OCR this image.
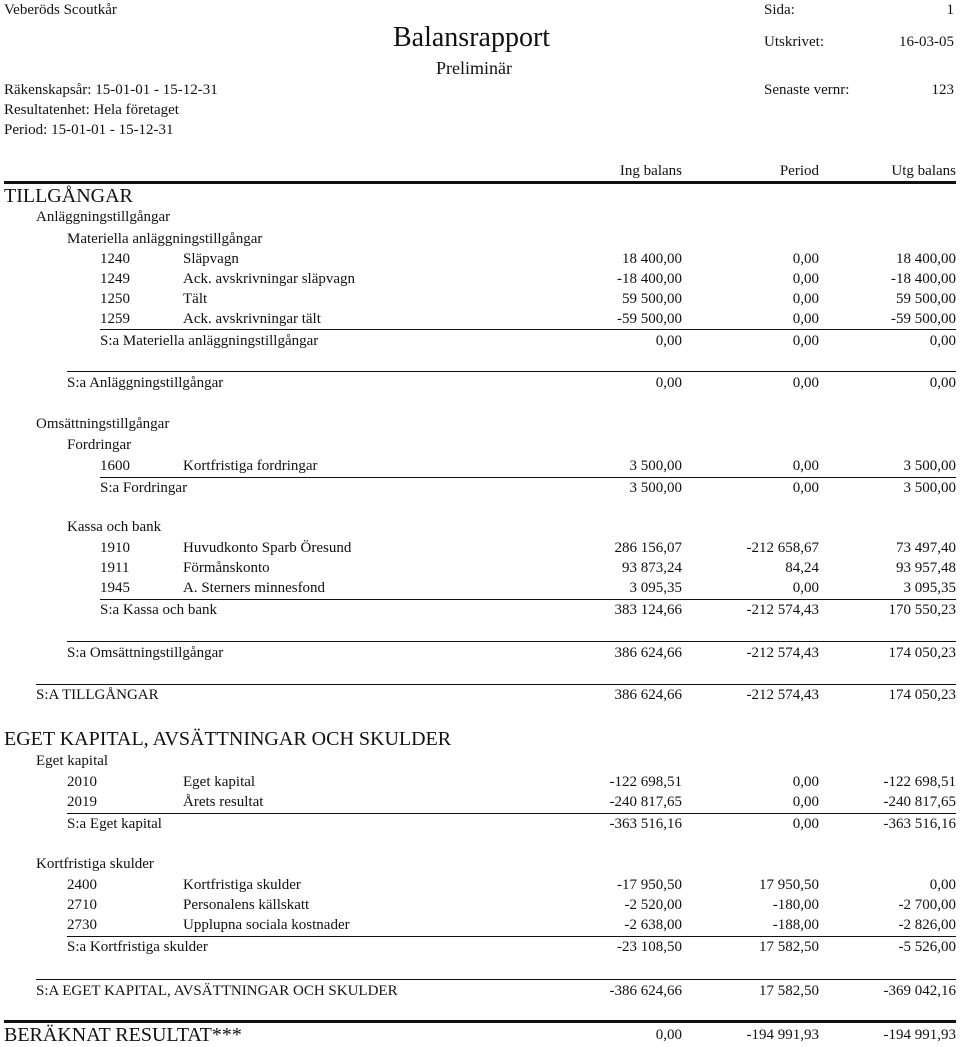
Veberöds Scoutkår	Sida:	1
Balansrapport
Preliminär
Utskrivet:	16-03-05
Räkenskapsår: 15-01-01 - 15-12-31	Senaste vernr:	123
Resultatenhet: Hela företaget
Period: 15-01-01 - 15-12-31
Ing balans	Period	Utg balans
TILLGÅNGAR
Anläggningstillgångar
Materiella anläggningstillgångar
1240	Släpvagn	18 400,00	0,00	18 400,00
1249	Ack. avskrivningar släpvagn	-18 400,00	0,00	-18 400,00
1250	Tält	59 500,00	0,00	59 500,00
1259	Ack. avskrivningar tält	-59 500,00	0,00	-59 500,00
S:a Materiella anläggningstillgångar	0,00	0,00	0,00
S:a Anläggningstillgångar	0,00	0,00	0,00
Omsättningstillgångar
Fordringar
1600	Kortfristiga fordringar	3 500,00	0,00	3 500,00
S:a Fordringar	3 500,00	0,00	3 500,00
Kassa och bank
1910	Huvudkonto Sparb Öresund	286 156,07	-212 658,67	73 497,40
1911	Förmånskonto	93 873,24	84,24	93 957,48
1945	A. Sterners minnesfond	3 095,35	0,00	3 095,35
S:a Kassa och bank	383 124,66	-212 574,43	170 550,23
S:a Omsättningstillgångar	386 624,66	-212 574,43	174 050,23
S:A TILLGÅNGAR	386 624,66	-212 574,43	174 050,23
EGET KAPITAL, AVSÄTTNINGAR OCH SKULDER
Eget kapital
2010	Eget kapital	-122 698,51	0,00	-122 698,51
2019	Årets resultat	-240 817,65	0,00	-240 817,65
S:a Eget kapital	-363 516,16	0,00	-363 516,16
Kortfristiga skulder
2400	Kortfristiga skulder	-17 950,50	17 950,50	0,00
2710	Personalens källskatt	-2 520,00	-180,00	-2 700,00
2730	Upplupna sociala kostnader	-2 638,00	-188,00	-2 826,00
S:a Kortfristiga skulder	-23 108,50	17 582,50	-5 526,00
S:A EGET KAPITAL, AVSÄTTNINGAR OCH SKULDER	-386 624,66	17 582,50	-369 042,16
BERÄKNAT RESULTAT***	0,00	-194 991,93	-194 991,93
